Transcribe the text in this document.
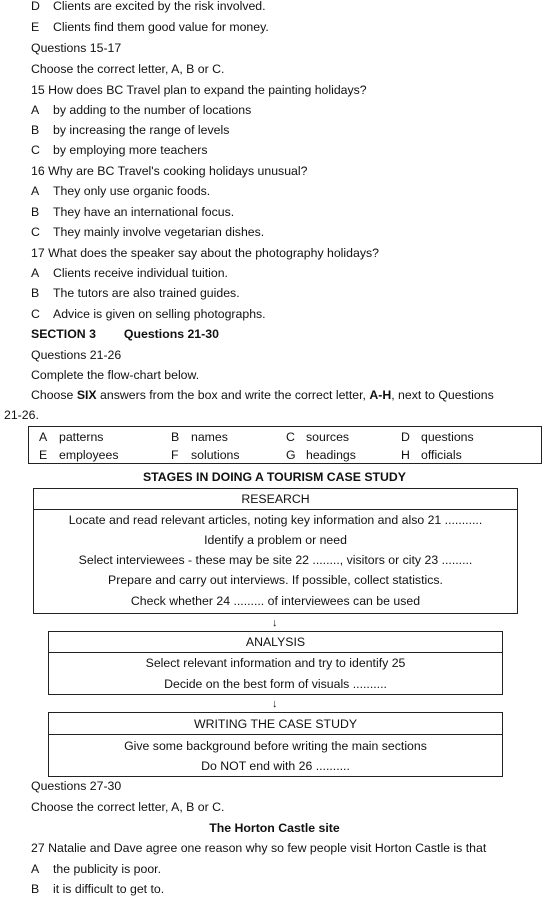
D Clients are excited by the risk involved.
E Clients find them good value for money.
Questions 15-17
Choose the correct letter, A, B or C.
15 How does BC Travel plan to expand the painting holidays?
A by adding to the number of locations
B by increasing the range of levels
C by employing more teachers
16 Why are BC Travel's cooking holidays unusual?
A They only use organic foods.
B They have an international focus.
C They mainly involve vegetarian dishes.
17 What does the speaker say about the photography holidays?
A Clients receive individual tuition.
B The tutors are also trained guides.
C Advice is given on selling photographs.
SECTION 3 Questions 21-30
Questions 21-26
Complete the flow-chart below.
Choose SIX answers from the box and write the correct letter, A-H, next to Questions
21-26.
A patterns	B names	C sources	D questions
E employees	F solutions	G headings	H officials
STAGES IN DOING A TOURISM CASE STUDY
RESEARCH
Locate and read relevant articles, noting key information and also 21 ...........
Identify a problem or need
Select interviewees - these may be site 22 ........, visitors or city 23 .........
Prepare and carry out interviews. If possible, collect statistics.
Check whether 24 ......... of interviewees can be used
↓
ANALYSIS
Select relevant information and try to identify 25
Decide on the best form of visuals ..........
↓
WRITING THE CASE STUDY
Give some background before writing the main sections
Do NOT end with 26 ..........
Questions 27-30
Choose the correct letter, A, B or C.
The Horton Castle site
27 Natalie and Dave agree one reason why so few people visit Horton Castle is that
A the publicity is poor.
B it is difficult to get to.
